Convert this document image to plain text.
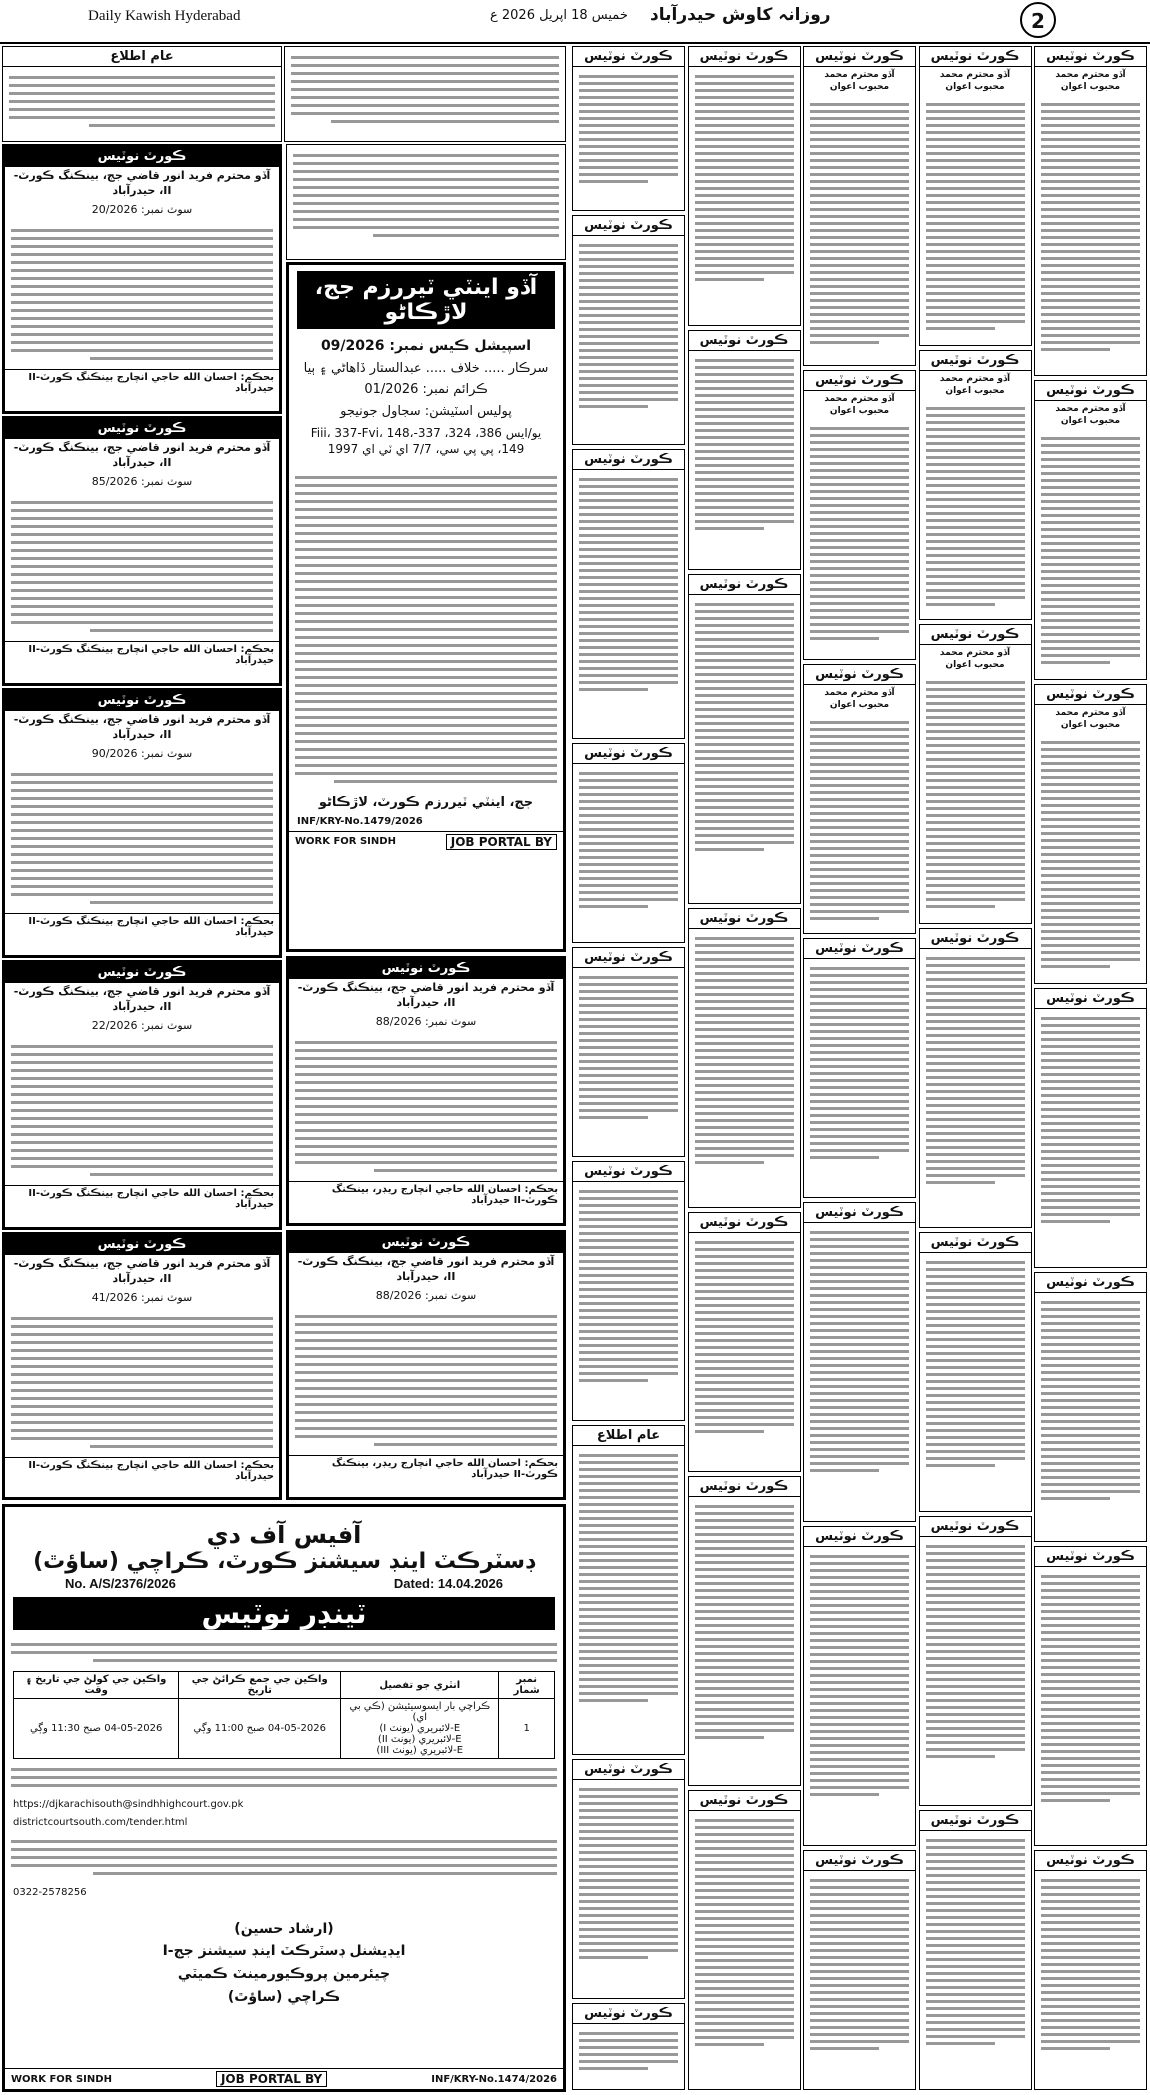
Daily Kawish Hyderabad	خميس 18 اپريل 2026 ع روزانہ کاوش حیدرآباد	2
عام اطلاع
ڪورٽ نوٽيس
آڏو محترم فريد انور قاضي جج، بينڪنگ ڪورٽ-II، حيدرآباد
سوٽ نمبر: 20/2026
بحڪم: احسان الله حاجي انچارج بينڪنگ ڪورٽ-II حيدرآباد
ڪورٽ نوٽيس
آڏو محترم فريد انور قاضي جج، بينڪنگ ڪورٽ-II، حيدرآباد
سوٽ نمبر: 85/2026
بحڪم: احسان الله حاجي انچارج بينڪنگ ڪورٽ-II حيدرآباد
ڪورٽ نوٽيس
آڏو محترم فريد انور قاضي جج، بينڪنگ ڪورٽ-II، حيدرآباد
سوٽ نمبر: 90/2026
بحڪم: احسان الله حاجي انچارج بينڪنگ ڪورٽ-II حيدرآباد
ڪورٽ نوٽيس
آڏو محترم فريد انور قاضي جج، بينڪنگ ڪورٽ-II، حيدرآباد
سوٽ نمبر: 22/2026
بحڪم: احسان الله حاجي انچارج بينڪنگ ڪورٽ-II حيدرآباد
ڪورٽ نوٽيس
آڏو محترم فريد انور قاضي جج، بينڪنگ ڪورٽ-II، حيدرآباد
سوٽ نمبر: 41/2026
بحڪم: احسان الله حاجي انچارج بينڪنگ ڪورٽ-II حيدرآباد
آڏو اينٽي ٽيررزم جج، لاڙڪاڻو
اسپيشل ڪيس نمبر: 09/2026
سرڪار ..... خلاف ..... عبدالستار ڏاهاڻي ۽ ٻيا
ڪرائم نمبر: 01/2026
پوليس اسٽيشن: سجاول جونيجو
يو/ايس 386، 324، 337-Fiii، 337-Fvi، 148، 149، پي پي سي، 7/7 اي ٽي اي 1997
جج، اينٽي ٽيررزم ڪورٽ، لاڙڪاڻو
INF/KRY-No.1479/2026
WORK FOR SINDH	JOB PORTAL BY
ڪورٽ نوٽيس
آڏو محترم فريد انور قاضي جج، بينڪنگ ڪورٽ-II، حيدرآباد
سوٽ نمبر: 88/2026
بحڪم: احسان الله حاجي انچارج ريڊر، بينڪنگ ڪورٽ-II حيدرآباد
ڪورٽ نوٽيس
آڏو محترم فريد انور قاضي جج، بينڪنگ ڪورٽ-II، حيدرآباد
سوٽ نمبر: 88/2026
بحڪم: احسان الله حاجي انچارج ريڊر، بينڪنگ ڪورٽ-II حيدرآباد
آفيس آف دي
ڊسٽرڪٽ اينڊ سيشنز ڪورٽ، ڪراچي (ساؤٿ)
No. A/S/2376/2026	Dated: 14.04.2026
ٽينڊر نوٽيس
نمبر شمار	انٽري جو تفصيل	واڪين جي جمع ڪرائڻ جي تاريخ	واڪين جي کولڻ جي تاريخ ۽ وقت
1	ڪراچي بار ايسوسيئيشن (ڪي بي اي)
E-لائبريري (يونٽ I)
E-لائبريري (يونٽ II)
E-لائبريري (يونٽ III)	04-05-2026 صبح 11:00 وڳي	04-05-2026 صبح 11:30 وڳي
https://djkarachisouth@sindhhighcourt.gov.pk
districtcourtsouth.com/tender.html
0322-2578256
(ارشاد حسين)
ايڊيشنل ڊسٽرڪٽ اينڊ سيشنز جج-I
چيئرمين پروڪيورمينٽ ڪميٽي
ڪراچي (ساؤٿ)
WORK FOR SINDH	JOB PORTAL BY	INF/KRY-No.1474/2026
ڪورٽ نوٽيس
ڪورٽ نوٽيس
ڪورٽ نوٽيس
ڪورٽ نوٽيس
ڪورٽ نوٽيس
ڪورٽ نوٽيس
عام اطلاع
ڪورٽ نوٽيس
ڪورٽ نوٽيس
ڪورٽ نوٽيس
ڪورٽ نوٽيس
ڪورٽ نوٽيس
ڪورٽ نوٽيس
ڪورٽ نوٽيس
ڪورٽ نوٽيس
ڪورٽ نوٽيس
ڪورٽ نوٽيس
آڏو محترم محمد محبوب اعوان
ڪورٽ نوٽيس
آڏو محترم محمد محبوب اعوان
ڪورٽ نوٽيس
آڏو محترم محمد محبوب اعوان
ڪورٽ نوٽيس
ڪورٽ نوٽيس
ڪورٽ نوٽيس
ڪورٽ نوٽيس
ڪورٽ نوٽيس
آڏو محترم محمد محبوب اعوان
ڪورٽ نوٽيس
آڏو محترم محمد محبوب اعوان
ڪورٽ نوٽيس
آڏو محترم محمد محبوب اعوان
ڪورٽ نوٽيس
ڪورٽ نوٽيس
ڪورٽ نوٽيس
ڪورٽ نوٽيس
ڪورٽ نوٽيس
آڏو محترم محمد محبوب اعوان
ڪورٽ نوٽيس
آڏو محترم محمد محبوب اعوان
ڪورٽ نوٽيس
آڏو محترم محمد محبوب اعوان
ڪورٽ نوٽيس
ڪورٽ نوٽيس
ڪورٽ نوٽيس
ڪورٽ نوٽيس
